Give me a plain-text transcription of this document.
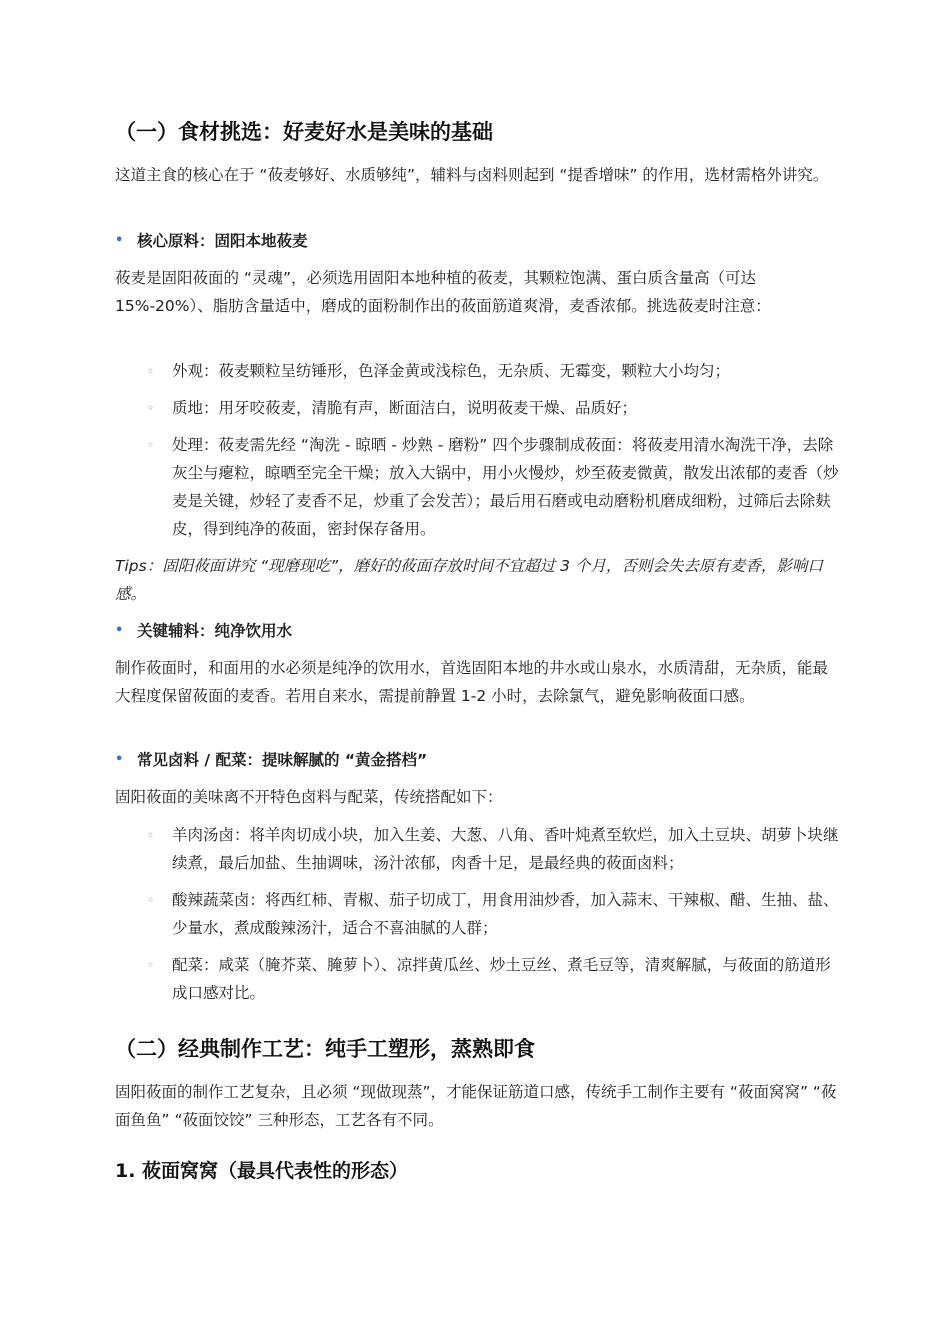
（一）食材挑选：好麦好水是美味的基础

这道主食的核心在于 “莜麦够好、水质够纯”，辅料与卤料则起到 “提香增味” 的作用，选材需格外讲究。

• 核心原料：固阳本地莜麦

莜麦是固阳莜面的 “灵魂”，必须选用固阳本地种植的莜麦，其颗粒饱满、蛋白质含量高（可达 15%-20%）、脂肪含量适中，磨成的面粉制作出的莜面筋道爽滑，麦香浓郁。挑选莜麦时注意：

◦	外观：莜麦颗粒呈纺锤形，色泽金黄或浅棕色，无杂质、无霉变，颗粒大小均匀；
◦	质地：用牙咬莜麦，清脆有声，断面洁白，说明莜麦干燥、品质好；
◦	处理：莜麦需先经 “淘洗 - 晾晒 - 炒熟 - 磨粉” 四个步骤制成莜面：将莜麦用清水淘洗干净，去除灰尘与瘪粒，晾晒至完全干燥；放入大锅中，用小火慢炒，炒至莜麦微黄，散发出浓郁的麦香（炒麦是关键，炒轻了麦香不足，炒重了会发苦）；最后用石磨或电动磨粉机磨成细粉，过筛后去除麸皮，得到纯净的莜面，密封保存备用。

Tips：固阳莜面讲究 “现磨现吃”，磨好的莜面存放时间不宜超过 3 个月，否则会失去原有麦香，影响口感。

• 关键辅料：纯净饮用水

制作莜面时，和面用的水必须是纯净的饮用水，首选固阳本地的井水或山泉水，水质清甜，无杂质，能最大程度保留莜面的麦香。若用自来水，需提前静置 1-2 小时，去除氯气，避免影响莜面口感。

• 常见卤料 / 配菜：提味解腻的 “黄金搭档”

固阳莜面的美味离不开特色卤料与配菜，传统搭配如下：

◦	羊肉汤卤：将羊肉切成小块，加入生姜、大葱、八角、香叶炖煮至软烂，加入土豆块、胡萝卜块继续煮，最后加盐、生抽调味，汤汁浓郁，肉香十足，是最经典的莜面卤料；
◦	酸辣蔬菜卤：将西红柿、青椒、茄子切成丁，用食用油炒香，加入蒜末、干辣椒、醋、生抽、盐、少量水，煮成酸辣汤汁，适合不喜油腻的人群；
◦	配菜：咸菜（腌芥菜、腌萝卜）、凉拌黄瓜丝、炒土豆丝、煮毛豆等，清爽解腻，与莜面的筋道形成口感对比。
（二）经典制作工艺：纯手工塑形，蒸熟即食

固阳莜面的制作工艺复杂，且必须 “现做现蒸”，才能保证筋道口感，传统手工制作主要有 “莜面窝窝” “莜面鱼鱼” “莜面饺饺” 三种形态，工艺各有不同。

1. 莜面窝窝（最具代表性的形态）
